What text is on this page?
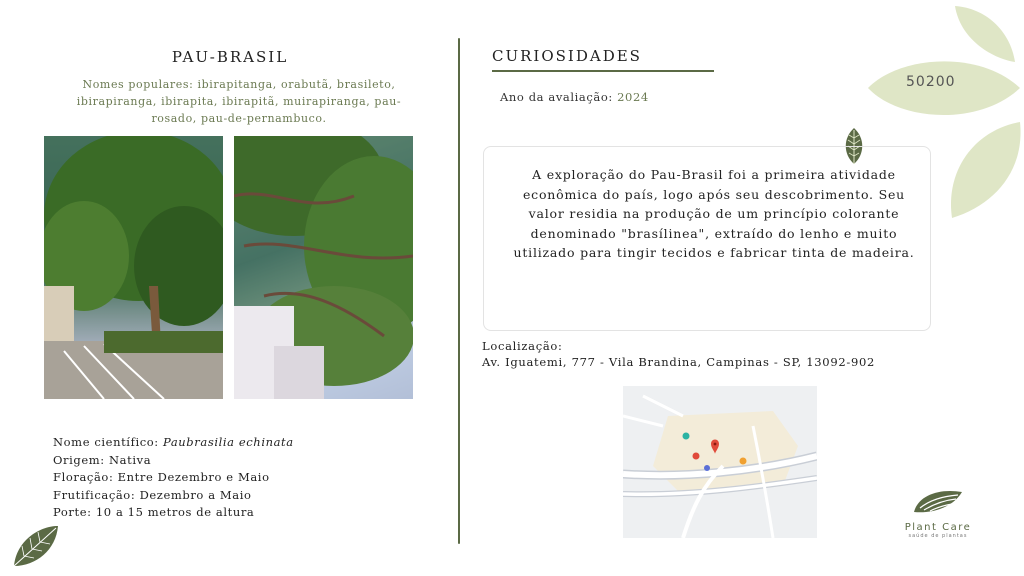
50200
PAU-BRASIL
Nomes populares: ibirapitanga, orabutã, brasileto, ibirapiranga, ibirapita, ibirapitã, muirapiranga, pau-rosado, pau-de-pernambuco.
Nome científico: Paubrasilia echinata
Origem: Nativa
Floração: Entre Dezembro e Maio
Frutificação: Dezembro a Maio
Porte: 10 a 15 metros de altura
CURIOSIDADES
Ano da avaliação: 2024
A exploração do Pau-Brasil foi a primeira atividade econômica do país, logo após seu descobrimento. Seu valor residia na produção de um princípio colorante denominado "brasílinea", extraído do lenho e muito utilizado para tingir tecidos e fabricar tinta de madeira.
Localização:
Av. Iguatemi, 777 - Vila Brandina, Campinas - SP, 13092-902
Plant Care
saúde de plantas
